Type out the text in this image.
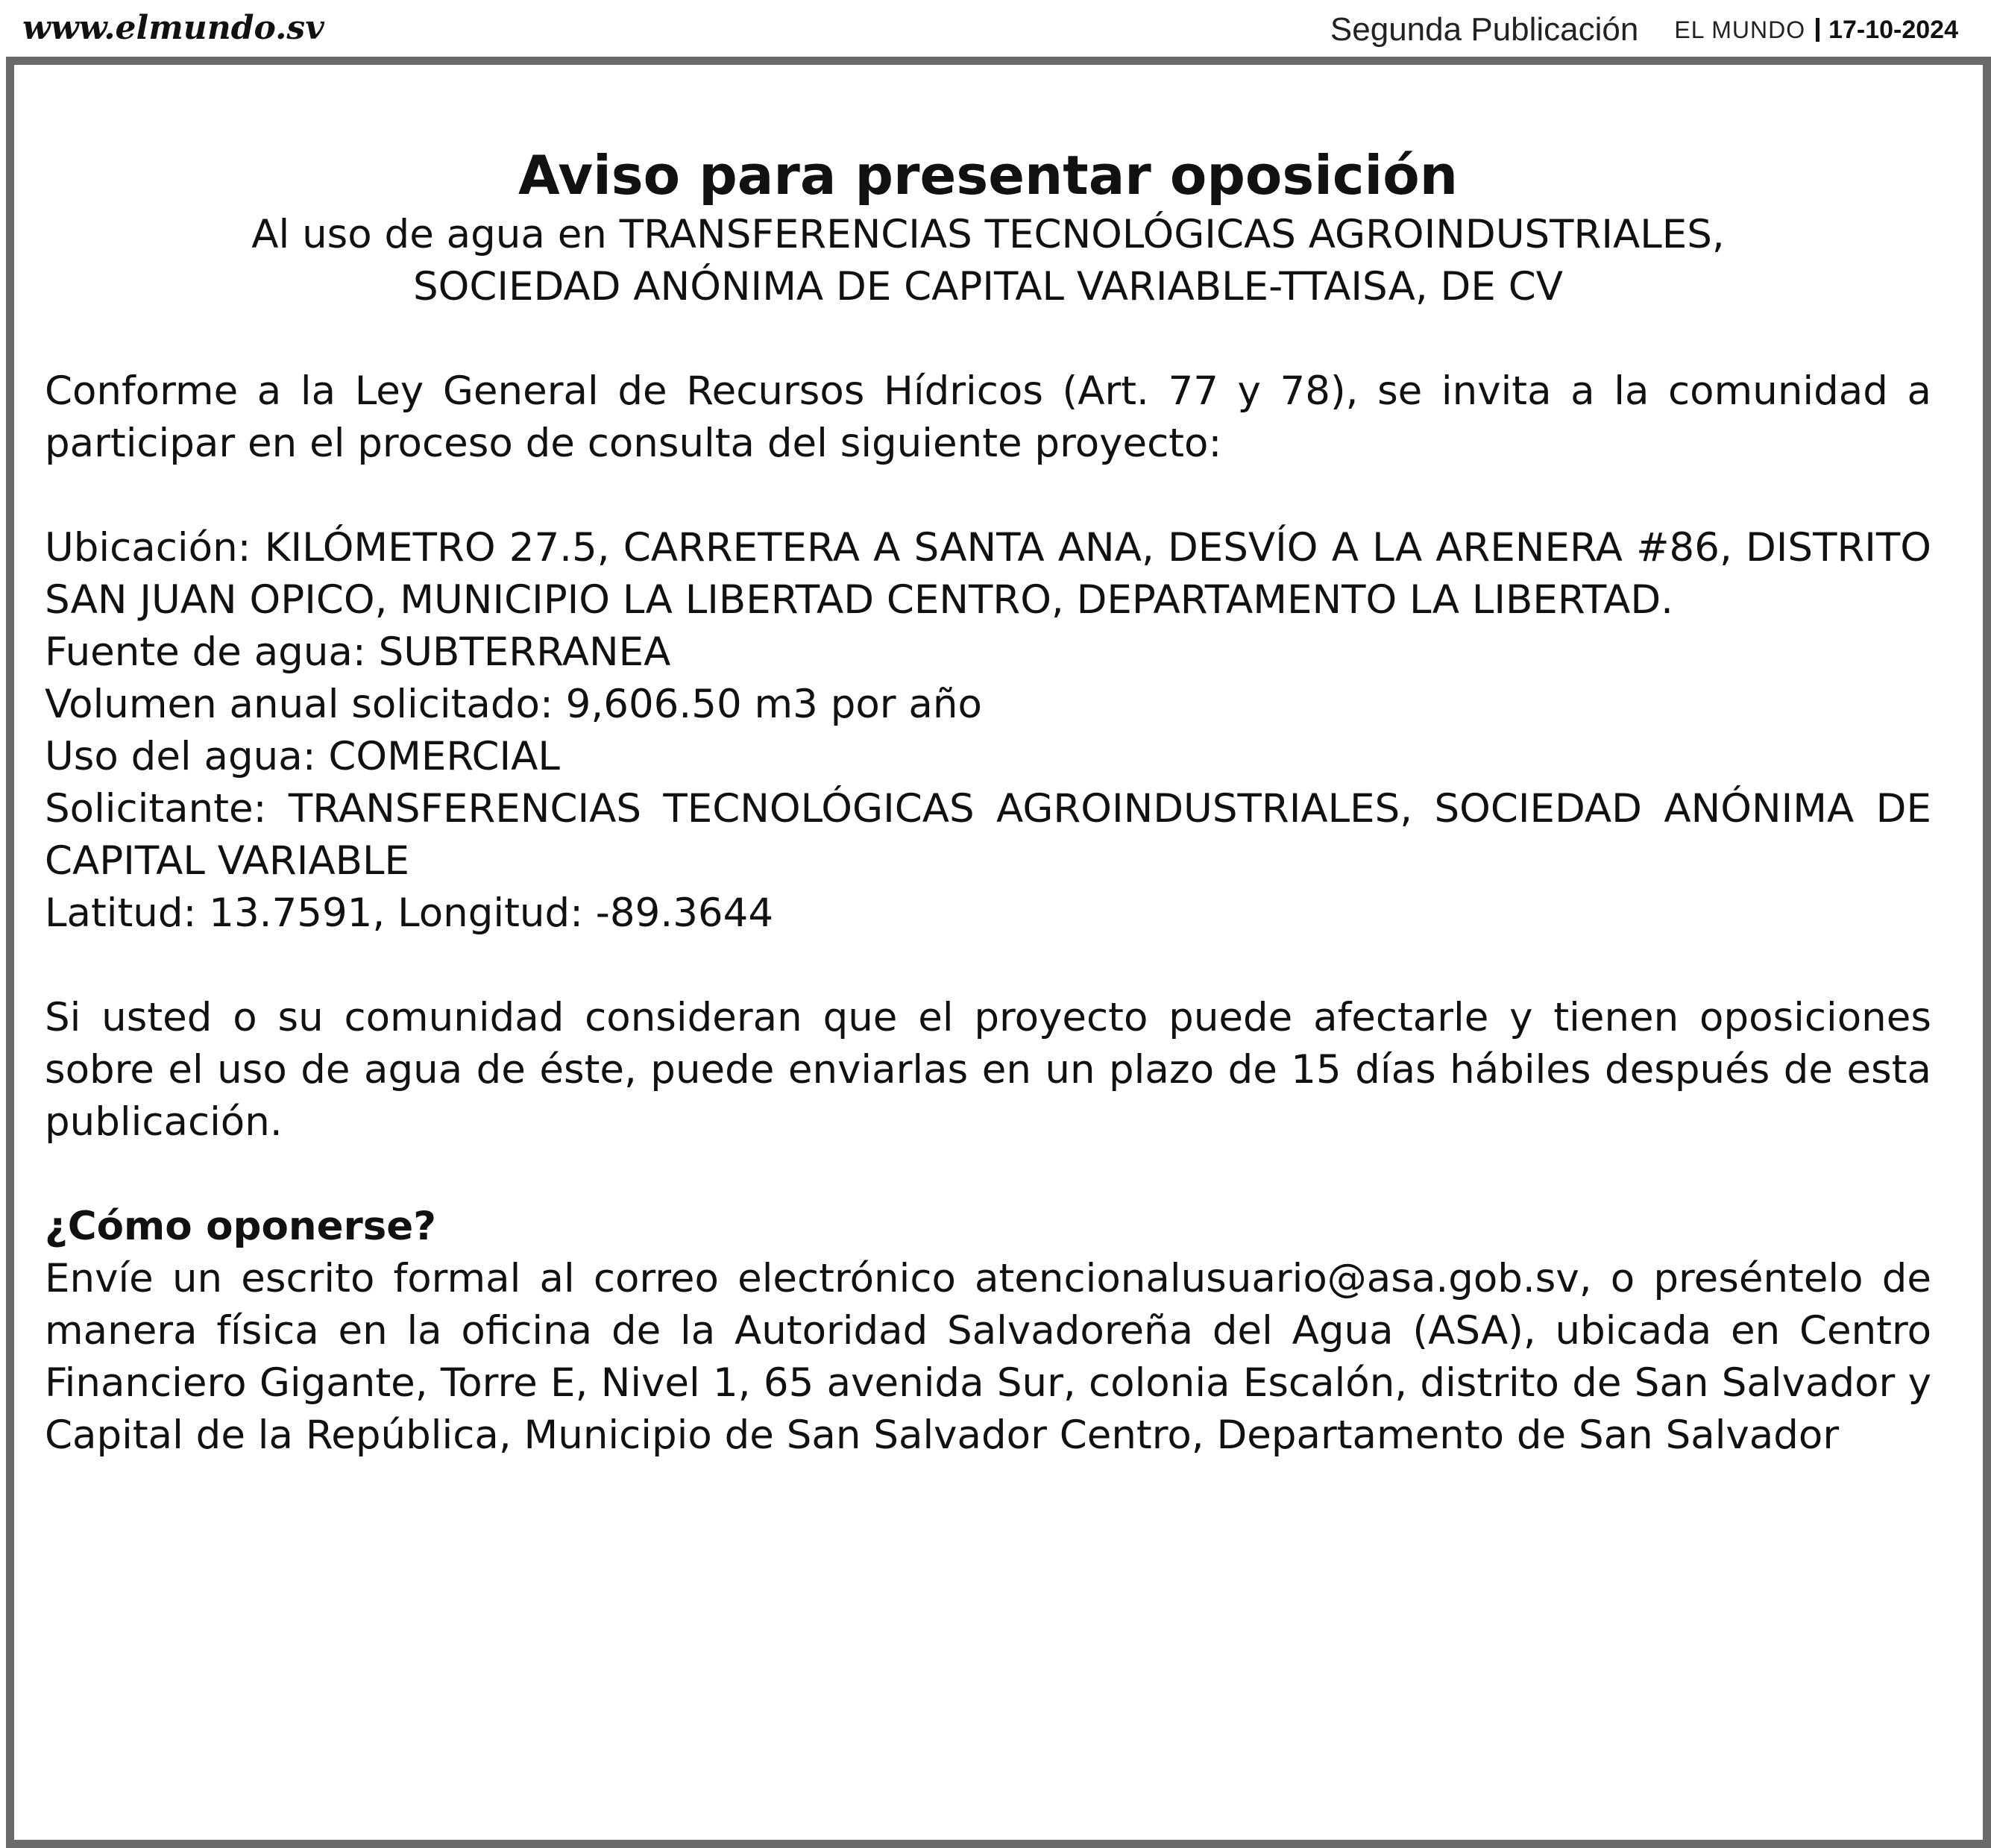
www.elmundo.sv	Segunda Publicación EL MUNDO 17-10-2024

Aviso para presentar oposición

Al uso de agua en TRANSFERENCIAS TECNOLÓGICAS AGROINDUSTRIALES,

SOCIEDAD ANÓNIMA DE CAPITAL VARIABLE-TTAISA, DE CV

Conforme a la Ley General de Recursos Hídricos (Art. 77 y 78), se invita a la comunidad a participar en el proceso de consulta del siguiente proyecto:

Ubicación: KILÓMETRO 27.5, CARRETERA A SANTA ANA, DESVÍO A LA ARENERA #86, DISTRITO SAN JUAN OPICO, MUNICIPIO LA LIBERTAD CENTRO, DEPARTAMENTO LA LIBERTAD.

Fuente de agua: SUBTERRANEA

Volumen anual solicitado: 9,606.50 m3 por año

Uso del agua: COMERCIAL

Solicitante: TRANSFERENCIAS TECNOLÓGICAS AGROINDUSTRIALES, SOCIEDAD ANÓNIMA DE CAPITAL VARIABLE

Latitud: 13.7591, Longitud: -89.3644

Si usted o su comunidad consideran que el proyecto puede afectarle y tienen oposiciones sobre el uso de agua de éste, puede enviarlas en un plazo de 15 días hábiles después de esta publicación.

¿Cómo oponerse?

Envíe un escrito formal al correo electrónico atencionalusuario@asa.gob.sv, o preséntelo de manera física en la oficina de la Autoridad Salvadoreña del Agua (ASA), ubicada en Centro Financiero Gigante, Torre E, Nivel 1, 65 avenida Sur, colonia Escalón, distrito de San Salvador y Capital de la República, Municipio de San Salvador Centro, Departamento de San Salvador
